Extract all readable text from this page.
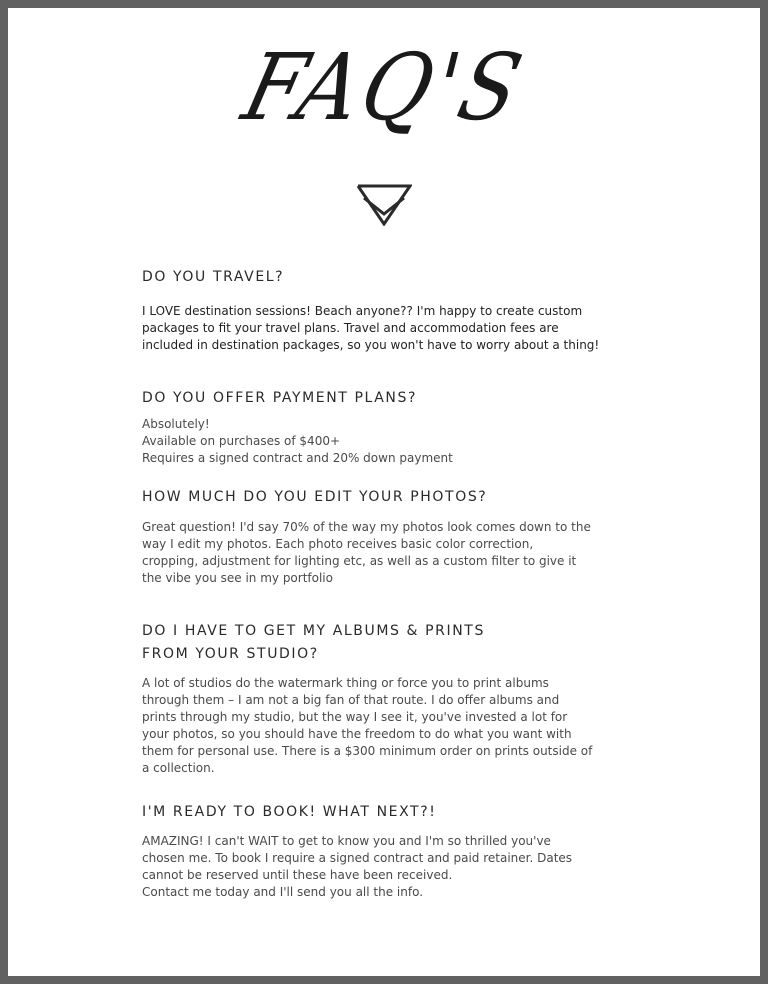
FAQ'S
DO YOU TRAVEL?
I LOVE destination sessions! Beach anyone?? I'm happy to create custom
packages to fit your travel plans. Travel and accommodation fees are
included in destination packages, so you won't have to worry about a thing!
DO YOU OFFER PAYMENT PLANS?
Absolutely!
Available on purchases of $400+
Requires a signed contract and 20% down payment
HOW MUCH DO YOU EDIT YOUR PHOTOS?
Great question! I'd say 70% of the way my photos look comes down to the
way I edit my photos. Each photo receives basic color correction,
cropping, adjustment for lighting etc, as well as a custom filter to give it
the vibe you see in my portfolio
DO I HAVE TO GET MY ALBUMS & PRINTS
FROM YOUR STUDIO?
A lot of studios do the watermark thing or force you to print albums
through them – I am not a big fan of that route. I do offer albums and
prints through my studio, but the way I see it, you've invested a lot for
your photos, so you should have the freedom to do what you want with
them for personal use. There is a $300 minimum order on prints outside of
a collection.
I'M READY TO BOOK! WHAT NEXT?!
AMAZING! I can't WAIT to get to know you and I'm so thrilled you've
chosen me. To book I require a signed contract and paid retainer. Dates
cannot be reserved until these have been received.
Contact me today and I'll send you all the info.
